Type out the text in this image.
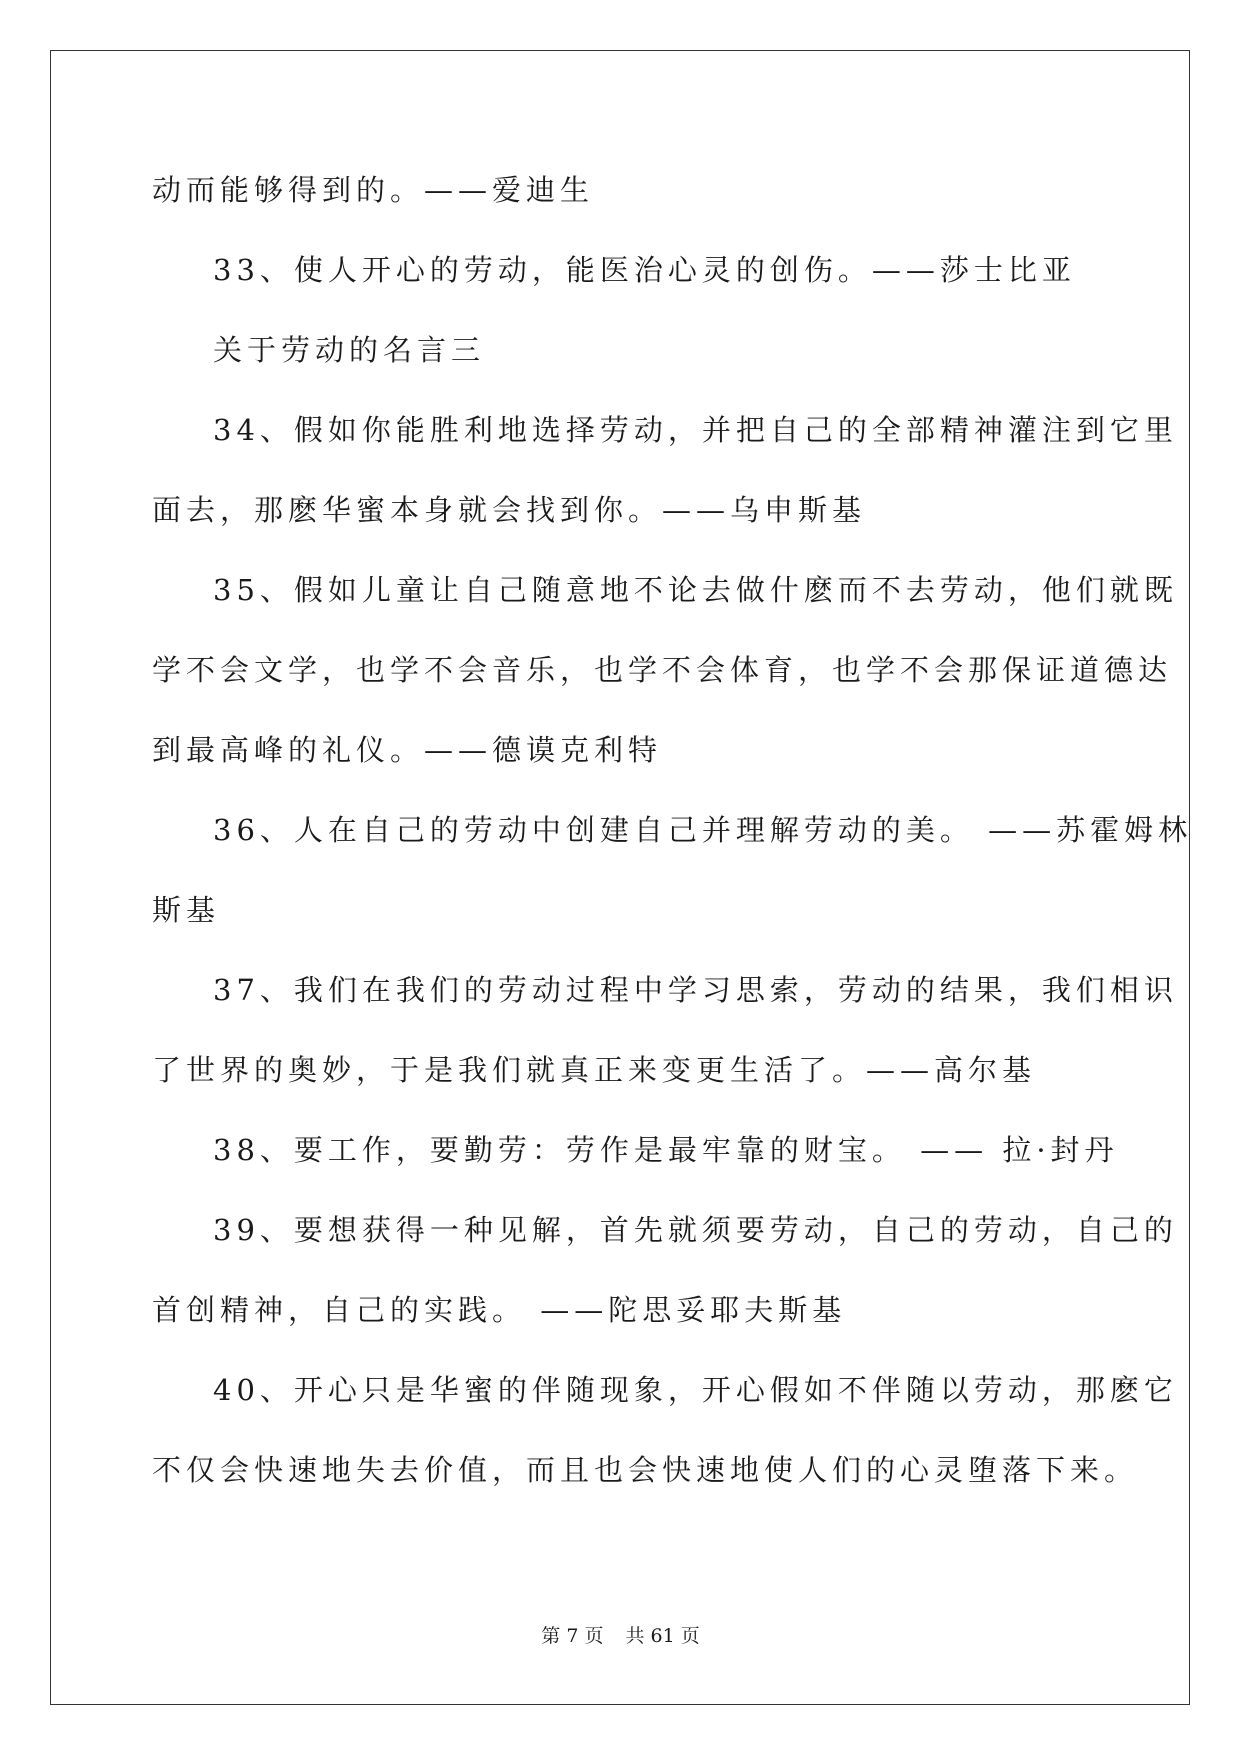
动而能够得到的。——爱迪生
33、使人开心的劳动，能医治心灵的创伤。——莎士比亚
关于劳动的名言三
34、假如你能胜利地选择劳动，并把自己的全部精神灌注到它里
面去，那麽华蜜本身就会找到你。——乌申斯基
35、假如儿童让自己随意地不论去做什麽而不去劳动，他们就既
学不会文学，也学不会音乐，也学不会体育，也学不会那保证道德达
到最高峰的礼仪。——德谟克利特
36、人在自己的劳动中创建自己并理解劳动的美。 ——苏霍姆林
斯基
37、我们在我们的劳动过程中学习思索，劳动的结果，我们相识
了世界的奥妙，于是我们就真正来变更生活了。——高尔基
38、要工作，要勤劳：劳作是最牢靠的财宝。 —— 拉·封丹
39、要想获得一种见解，首先就须要劳动，自己的劳动，自己的
首创精神，自己的实践。 ——陀思妥耶夫斯基
40、开心只是华蜜的伴随现象，开心假如不伴随以劳动，那麽它
不仅会快速地失去价值，而且也会快速地使人们的心灵堕落下来。
第 7 页 共 61 页
